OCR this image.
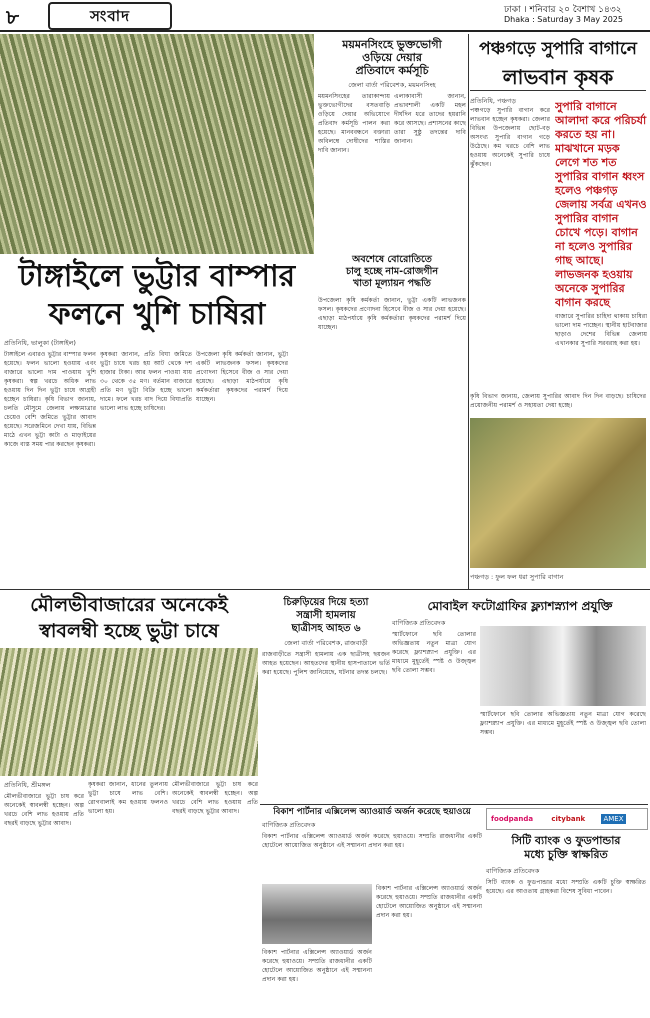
৮	সংবাদ	ঢাকা । শনিবার ২০ বৈশাখ ১৪৩২
Dhaka : Saturday 3 May 2025
ময়মনসিংহে ভুক্তভোগী
ওড়িয়ে দেয়ার
প্রতিবাদে কর্মসূচি
জেলা বার্তা পরিবেশক, ময়মনসিংহ
ময়মনসিংহের তারাকান্দায় ভুক্তভোগীদের বসতবাড়ি ওড়িয়ে দেয়ার অভিযোগে প্রতিবাদ কর্মসূচি পালন করা হয়েছে। মানববন্ধনে বক্তারা অবিলম্বে দোষীদের শাস্তির দাবি জানান।
এলাকাবাসী জানান, প্রভাবশালী একটি মহল দীর্ঘদিন ধরে তাদের হয়রানি করে আসছে। প্রশাসনের কাছে তারা সুষ্ঠু তদন্তের দাবি জানান।
পঞ্চগড়ে সুপারি বাগানে
লাভবান কৃষক
প্রতিনিধি, পঞ্চগড়
পঞ্চগড়ে সুপারি বাগান করে লাভবান হচ্ছেন কৃষকরা। জেলার বিভিন্ন উপজেলায় ছোট-বড় অসংখ্য সুপারি বাগান গড়ে উঠেছে। কম খরচে বেশি লাভ হওয়ায় অনেকেই সুপারি চাষে ঝুঁকছেন।
সুপারি বাগানে আলাদা করে পরিচর্যা করতে হয় না। মাঝখানে মড়ক লেগে শত শত সুপারির বাগান ধ্বংস হলেও পঞ্চগড় জেলায় সর্বত্র এখনও সুপারির বাগান চোখে পড়ে। বাগান না হলেও সুপারির গাছ আছে। লাভজনক হওয়ায় অনেকে সুপারির বাগান করছে
বাজারে সুপারির চাহিদা থাকায় চাষিরা ভালো দাম পাচ্ছেন। স্থানীয় হাটবাজার ছাড়াও দেশের বিভিন্ন জেলায় এখানকার সুপারি সরবরাহ করা হয়।
কৃষি বিভাগ জানায়, জেলায় সুপারির আবাদ দিন দিন বাড়ছে। চাষিদের প্রয়োজনীয় পরামর্শ ও সহায়তা দেয়া হচ্ছে।
পঞ্চগড় : ফুল ফল ধরা সুপারি বাগান
অবশেষে বোরোতিতে
চালু হচ্ছে নাম-রোজগীন
খাতা মূল্যায়ন পদ্ধতি
টাঙ্গাইলে ভুট্টার বাম্পার
ফলনে খুশি চাষিরা
প্রতিনিধি, ভালুকা (টাঙ্গাইল)
টাঙ্গাইলে এবারও ভুট্টার বাম্পার ফলন হয়েছে। ফলন ভালো হওয়ায় এবং বাজারে ভালো দাম পাওয়ায় খুশি কৃষকরা। স্বল্প খরচে অধিক লাভ হওয়ায় দিন দিন ভুট্টা চাষে আগ্রহী হচ্ছেন চাষিরা। কৃষি বিভাগ জানায়, চলতি মৌসুমে জেলায় লক্ষ্যমাত্রার চেয়েও বেশি জমিতে ভুট্টার আবাদ হয়েছে। সরেজমিনে দেখা যায়, বিভিন্ন মাঠে এখন ভুট্টা কাটা ও মাড়াইয়ের কাজে ব্যস্ত সময় পার করছেন কৃষকরা।
কৃষকরা জানান, প্রতি বিঘা জমিতে ভুট্টা চাষে খরচ হয় আট থেকে দশ হাজার টাকা। আর ফলন পাওয়া যায় ৩০ থেকে ৩৫ মণ। বর্তমান বাজারে প্রতি মণ ভুট্টা বিক্রি হচ্ছে ভালো দামে। ফলে খরচ বাদ দিয়ে বিঘাপ্রতি ভালো লাভ হচ্ছে চাষিদের।
উপজেলা কৃষি কর্মকর্তা জানান, ভুট্টা একটি লাভজনক ফসল। কৃষকদের প্রণোদনা হিসেবে বীজ ও সার দেয়া হয়েছে। এছাড়া মাঠপর্যায়ে কৃষি কর্মকর্তারা কৃষকদের পরামর্শ দিয়ে যাচ্ছেন।
উপজেলা কৃষি কর্মকর্তা জানান, ভুট্টা একটি লাভজনক ফসল। কৃষকদের প্রণোদনা হিসেবে বীজ ও সার দেয়া হয়েছে। এছাড়া মাঠপর্যায়ে কৃষি কর্মকর্তারা কৃষকদের পরামর্শ দিয়ে যাচ্ছেন।
মৌলভীবাজারের অনেকেই
স্বাবলম্বী হচ্ছে ভুট্টা চাষে
প্রতিনিধি, শ্রীমঙ্গল
মৌলভীবাজারে ভুট্টা চাষ করে অনেকেই স্বাবলম্বী হচ্ছেন। অল্প খরচে বেশি লাভ হওয়ায় প্রতি বছরই বাড়ছে ভুট্টার আবাদ।
কৃষকরা জানান, ধানের তুলনায় ভুট্টা চাষে লাভ বেশি। রোগবালাই কম হওয়ায় ফলনও ভালো হয়।
মৌলভীবাজারে ভুট্টা চাষ করে অনেকেই স্বাবলম্বী হচ্ছেন। অল্প খরচে বেশি লাভ হওয়ায় প্রতি বছরই বাড়ছে ভুট্টার আবাদ।
চিরুড়িয়ের দিয়ে হত্যা
সন্ত্রাসী হামলায়
ছাত্রীসহ আহত ৬
জেলা বার্তা পরিবেশক, রাজবাড়ী
রাজবাড়ীতে সন্ত্রাসী হামলায় এক ছাত্রীসহ ছয়জন আহত হয়েছেন। আহতদের স্থানীয় হাসপাতালে ভর্তি করা হয়েছে। পুলিশ জানিয়েছে, ঘটনার তদন্ত চলছে।
মোবাইল ফটোগ্রাফির ফ্ল্যাশস্ন্যাপ প্রযুক্তি
বাণিজ্যিক প্রতিবেদক
স্মার্টফোনে ছবি তোলার অভিজ্ঞতায় নতুন মাত্রা যোগ করেছে ফ্ল্যাশস্ন্যাপ প্রযুক্তি। এর মাধ্যমে মুহূর্তেই স্পষ্ট ও উজ্জ্বল ছবি তোলা সম্ভব।
স্মার্টফোনে ছবি তোলার অভিজ্ঞতায় নতুন মাত্রা যোগ করেছে ফ্ল্যাশস্ন্যাপ প্রযুক্তি। এর মাধ্যমে মুহূর্তেই স্পষ্ট ও উজ্জ্বল ছবি তোলা সম্ভব।
বিকাশ পার্টনার এক্সিলেন্স অ্যাওয়ার্ড অর্জন করেছে হুয়াওয়ে
বাণিজ্যিক প্রতিবেদক
বিকাশ পার্টনার এক্সিলেন্স অ্যাওয়ার্ড অর্জন করেছে হুয়াওয়ে। সম্প্রতি রাজধানীর একটি হোটেলে আয়োজিত অনুষ্ঠানে এই সম্মাননা প্রদান করা হয়।
বিকাশ পার্টনার এক্সিলেন্স অ্যাওয়ার্ড অর্জন করেছে হুয়াওয়ে। সম্প্রতি রাজধানীর একটি হোটেলে আয়োজিত অনুষ্ঠানে এই সম্মাননা প্রদান করা হয়।
বিকাশ পার্টনার এক্সিলেন্স অ্যাওয়ার্ড অর্জন করেছে হুয়াওয়ে। সম্প্রতি রাজধানীর একটি হোটেলে আয়োজিত অনুষ্ঠানে এই সম্মাননা প্রদান করা হয়।
foodpanda	citybank	AMEX
সিটি ব্যাংক ও ফুডপান্ডার
মধ্যে চুক্তি স্বাক্ষরিত
বাণিজ্যিক প্রতিবেদক
সিটি ব্যাংক ও ফুডপান্ডার মধ্যে সম্প্রতি একটি চুক্তি স্বাক্ষরিত হয়েছে। এর আওতায় গ্রাহকরা বিশেষ সুবিধা পাবেন।
